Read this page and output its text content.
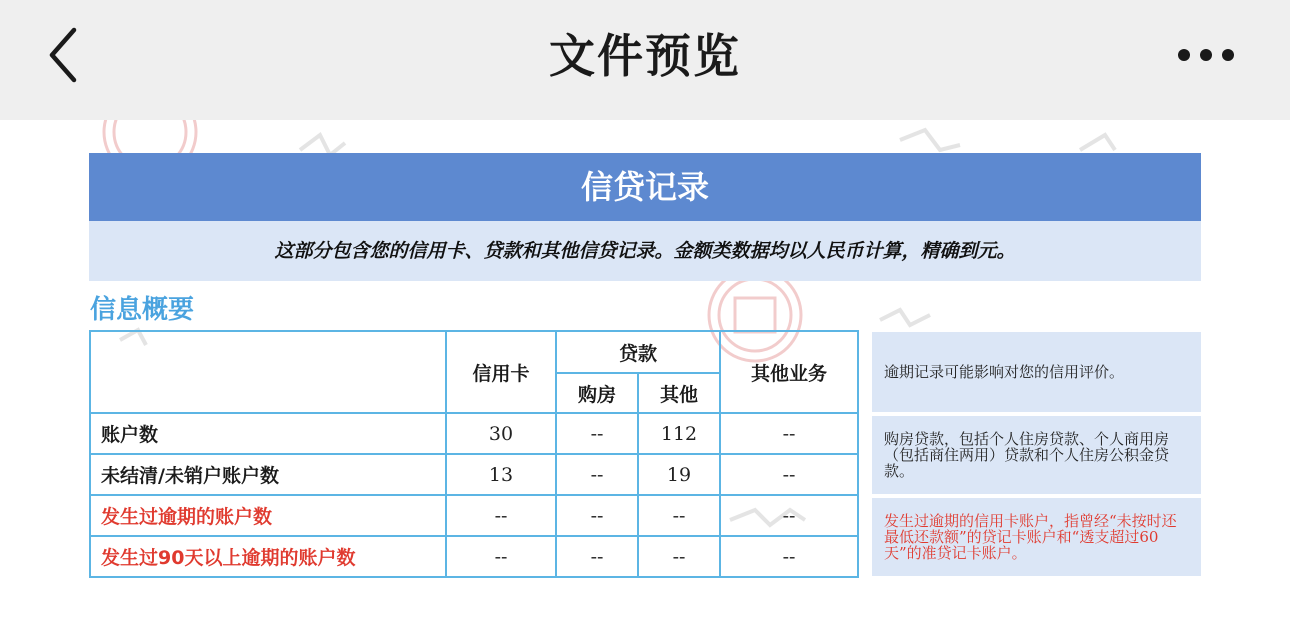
文件预览
信贷记录
这部分包含您的信用卡、贷款和其他信贷记录。金额类数据均以人民币计算，精确到元。
信息概要
	信用卡	贷款		其他业务
		购房	其他	
账户数	30	--	112	--
未结清/未销户账户数	13	--	19	--
发生过逾期的账户数	--	--	--	--
发生过90天以上逾期的账户数	--	--	--	--
逾期记录可能影响对您的信用评价。
购房贷款，包括个人住房贷款、个人商用房（包括商住两用）贷款和个人住房公积金贷款。
发生过逾期的信用卡账户，指曾经“未按时还最低还款额”的贷记卡账户和“透支超过60天”的准贷记卡账户。
